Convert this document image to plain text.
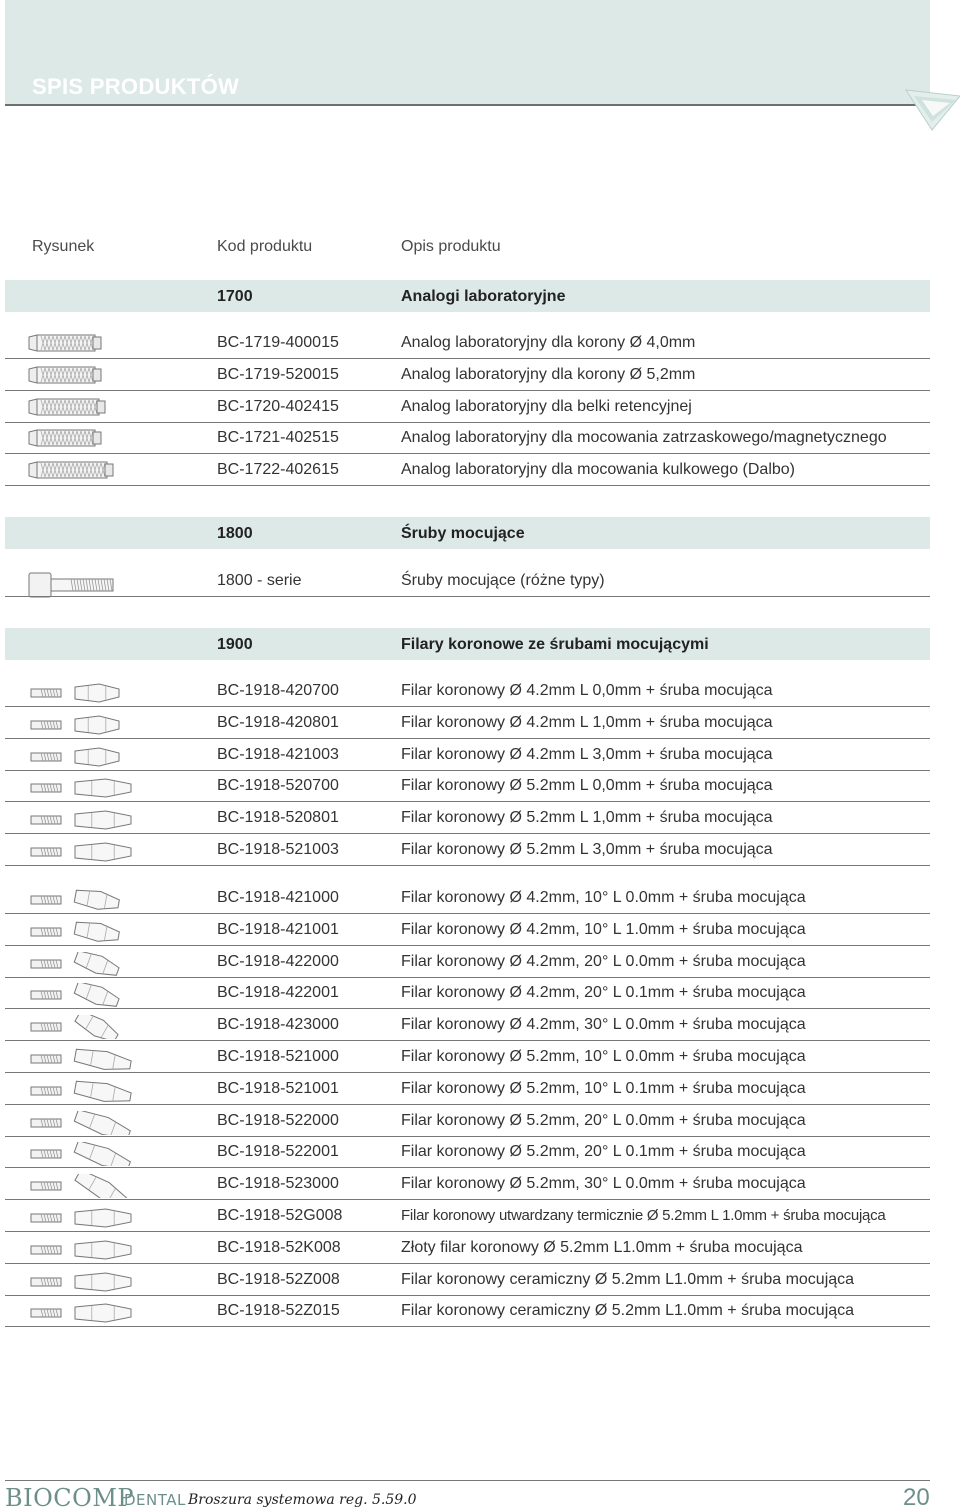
SPIS PRODUKTÓW
Rysunek	Kod produktu	Opis produktu
1700	Analogi laboratoryjne
BC-1719-400015	Analog laboratoryjny dla korony Ø 4,0mm
BC-1719-520015	Analog laboratoryjny dla korony Ø 5,2mm
BC-1720-402415	Analog laboratoryjny dla belki retencyjnej
BC-1721-402515	Analog laboratoryjny dla mocowania zatrzaskowego/magnetycznego
BC-1722-402615	Analog laboratoryjny dla mocowania kulkowego (Dalbo)
1800	Śruby mocujące
1800 - serie	Śruby mocujące (różne typy)
1900	Filary koronowe ze śrubami mocującymi
BC-1918-420700	Filar koronowy Ø 4.2mm L 0,0mm + śruba mocująca
BC-1918-420801	Filar koronowy Ø 4.2mm L 1,0mm + śruba mocująca
BC-1918-421003	Filar koronowy Ø 4.2mm L 3,0mm + śruba mocująca
BC-1918-520700	Filar koronowy Ø 5.2mm L 0,0mm + śruba mocująca
BC-1918-520801	Filar koronowy Ø 5.2mm L 1,0mm + śruba mocująca
BC-1918-521003	Filar koronowy Ø 5.2mm L 3,0mm + śruba mocująca
BC-1918-421000	Filar koronowy Ø 4.2mm, 10° L 0.0mm + śruba mocująca
BC-1918-421001	Filar koronowy Ø 4.2mm, 10° L 1.0mm + śruba mocująca
BC-1918-422000	Filar koronowy Ø 4.2mm, 20° L 0.0mm + śruba mocująca
BC-1918-422001	Filar koronowy Ø 4.2mm, 20° L 0.1mm + śruba mocująca
BC-1918-423000	Filar koronowy Ø 4.2mm, 30° L 0.0mm + śruba mocująca
BC-1918-521000	Filar koronowy Ø 5.2mm, 10° L 0.0mm + śruba mocująca
BC-1918-521001	Filar koronowy Ø 5.2mm, 10° L 0.1mm + śruba mocująca
BC-1918-522000	Filar koronowy Ø 5.2mm, 20° L 0.0mm + śruba mocująca
BC-1918-522001	Filar koronowy Ø 5.2mm, 20° L 0.1mm + śruba mocująca
BC-1918-523000	Filar koronowy Ø 5.2mm, 30° L 0.0mm + śruba mocująca
BC-1918-52G008	Filar koronowy utwardzany termicznie Ø 5.2mm L 1.0mm + śruba mocująca
BC-1918-52K008	Złoty filar koronowy Ø 5.2mm L1.0mm + śruba mocująca
BC-1918-52Z008	Filar koronowy ceramiczny Ø 5.2mm L1.0mm + śruba mocująca
BC-1918-52Z015	Filar koronowy ceramiczny Ø 5.2mm L1.0mm + śruba mocująca
BIOCOMP
DENTAL Broszura systemowa reg. 5.59.0	20
